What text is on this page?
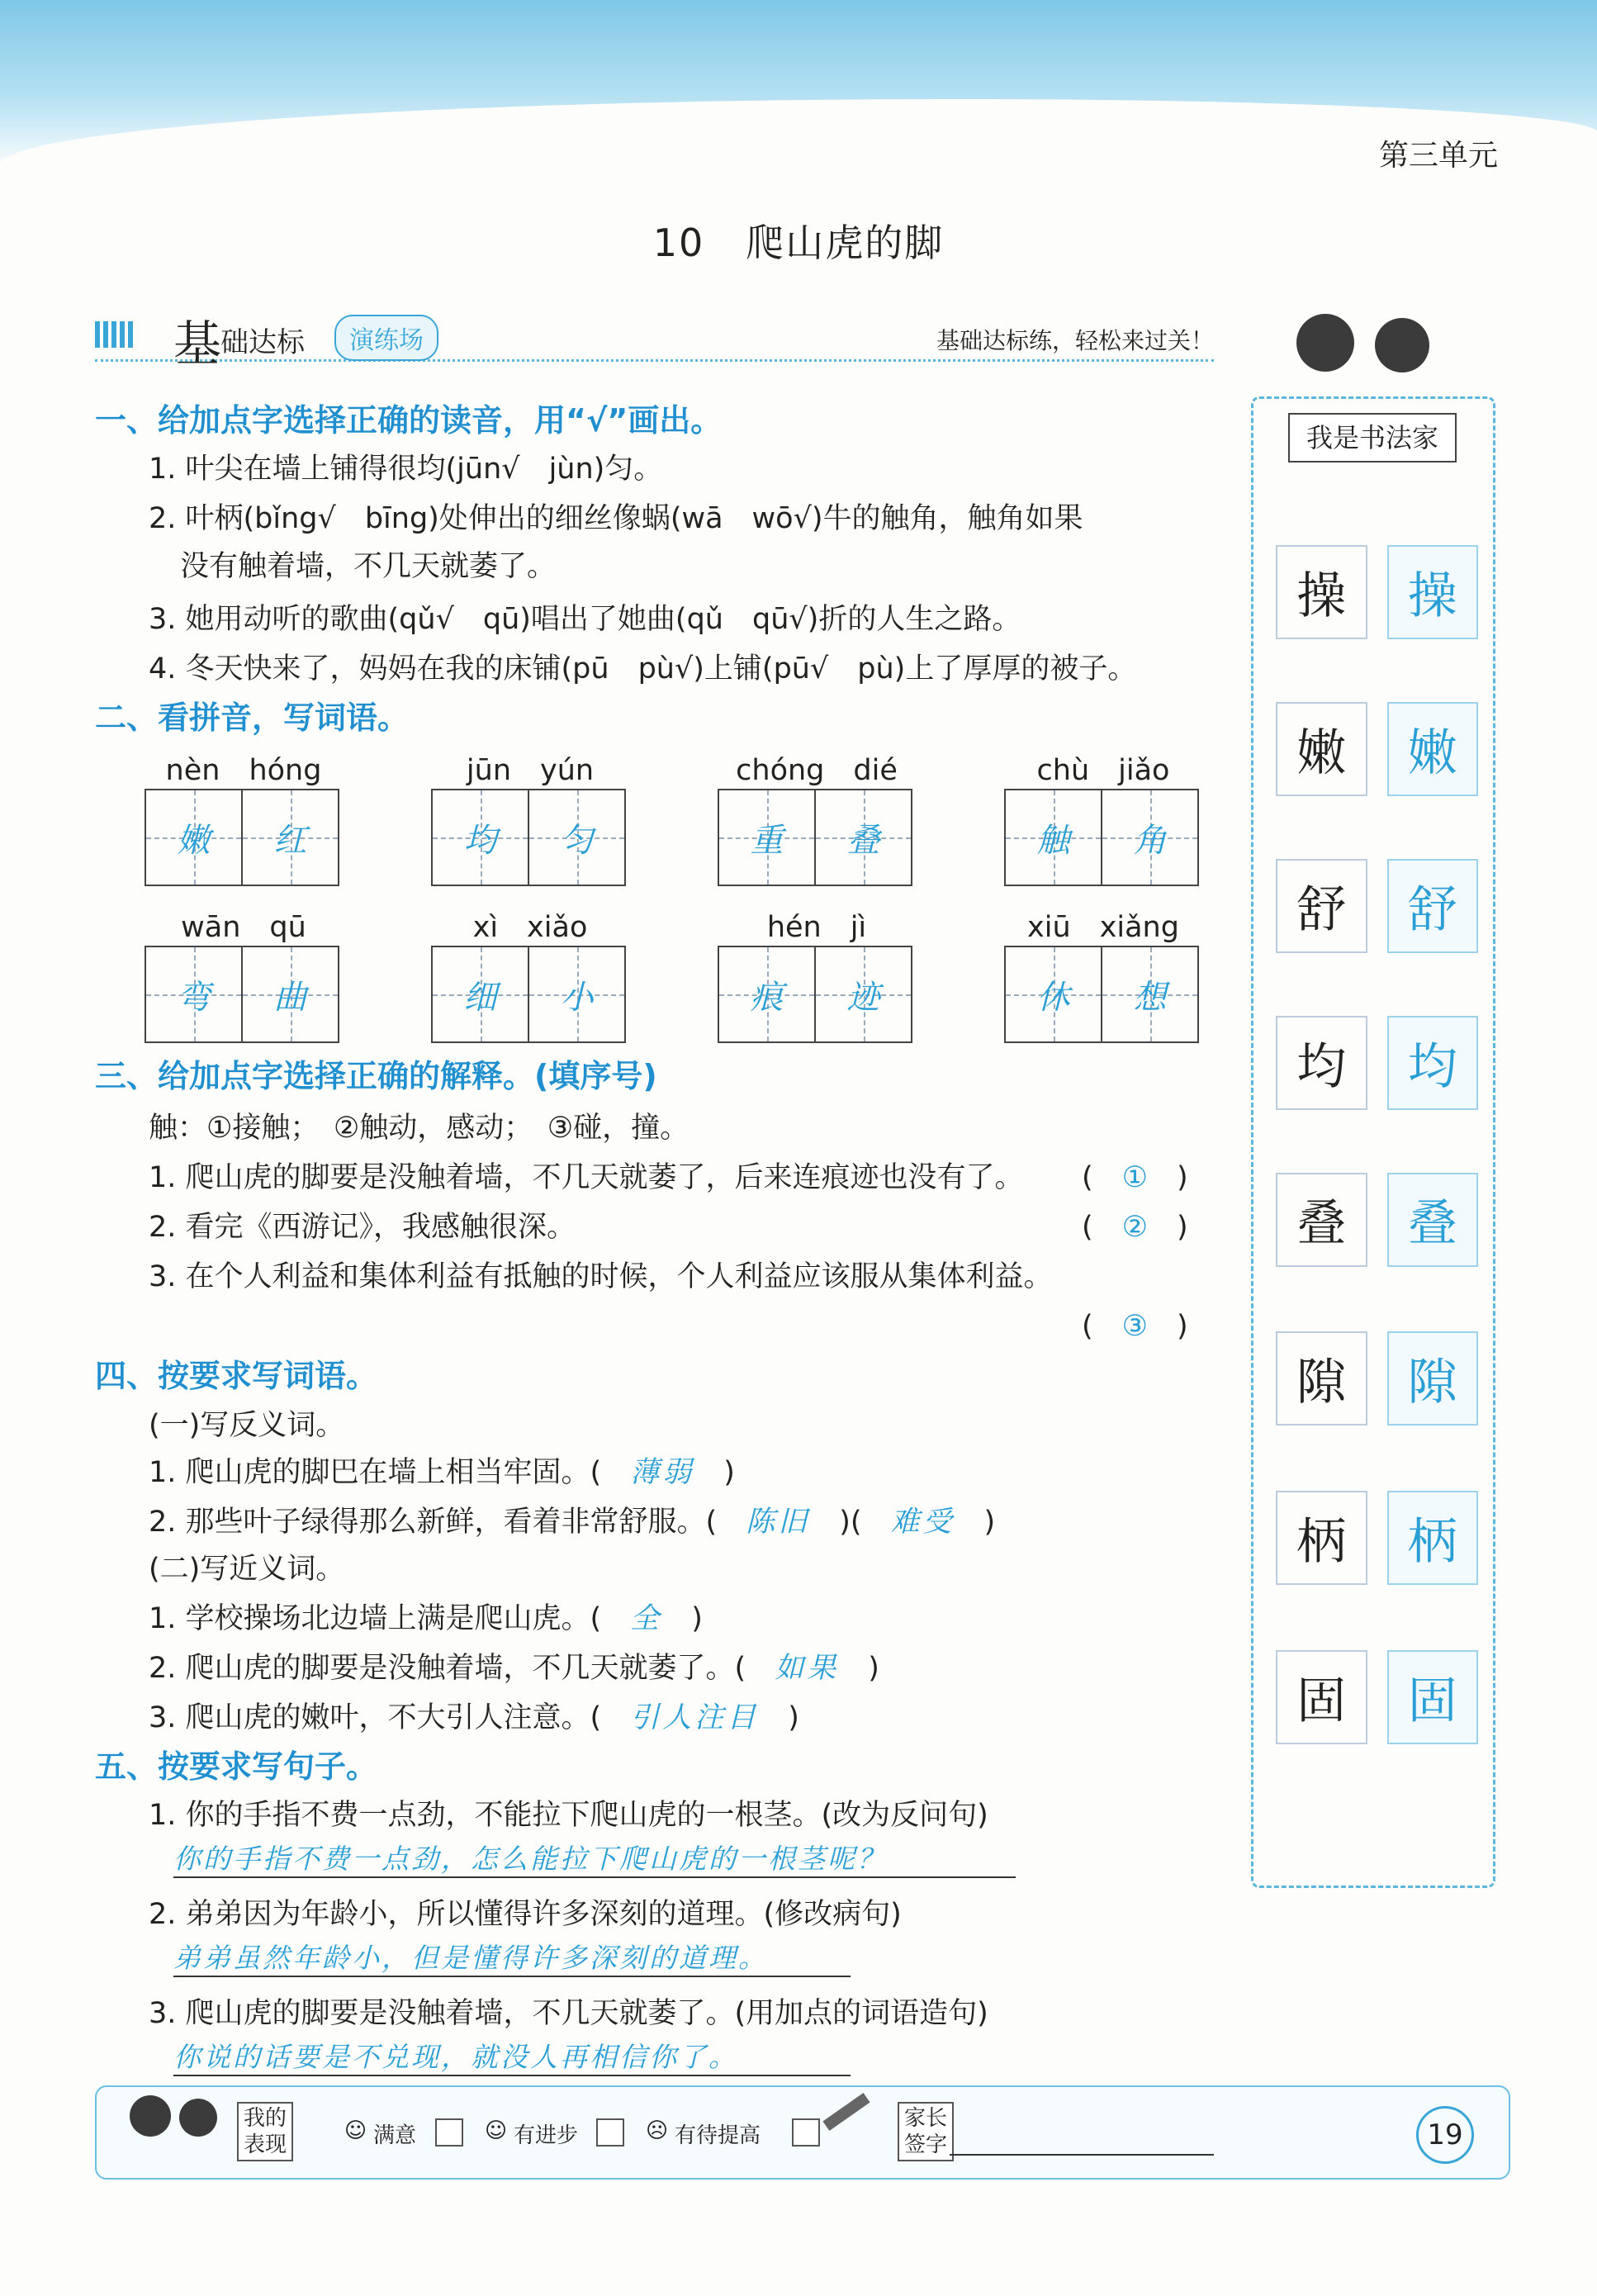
第三单元
10 爬山虎的脚
基
础达标	演练场	基础达标练，轻松来过关！
一、给加点字选择正确的读音，用“√”画出。
1. 叶尖在墙上铺得很均(jūn√　jùn)匀。
2. 叶柄(bǐng√　bīng)处伸出的细丝像蜗(wā　wō√)牛的触角，触角如果
没有触着墙，不几天就萎了。
3. 她用动听的歌曲(qǔ√　qū)唱出了她曲(qǔ　qū√)折的人生之路。
4. 冬天快来了，妈妈在我的床铺(pū　pù√)上铺(pū√　pù)上了厚厚的被子。
二、看拼音，写词语。
nèn　hóng
嫩 红
jūn　yún
均 匀
chóng　dié
重 叠
chù　jiǎo
触 角
wān　qū
弯 曲
xì　xiǎo
细 小
hén　jì
痕 迹
xiū　xiǎng
休 想
三、给加点字选择正确的解释。(填序号)
触：①接触；　②触动，感动；　③碰，撞。
1. 爬山虎的脚要是没触着墙，不几天就萎了，后来连痕迹也没有了。 (　①　)
2. 看完《西游记》，我感触很深。	(　②　)
3. 在个人利益和集体利益有抵触的时候，个人利益应该服从集体利益。
(　③　)
四、按要求写词语。
(一)写反义词。
1. 爬山虎的脚巴在墙上相当牢固。(　 薄弱　)
2. 那些叶子绿得那么新鲜，看着非常舒服。(　 陈旧　)(　难受　)
(二)写近义词。
1. 学校操场北边墙上满是爬山虎。(　 全　)
2. 爬山虎的脚要是没触着墙，不几天就萎了。(　 如果　)
3. 爬山虎的嫩叶，不大引人注意。(　 引人注目　)
五、按要求写句子。
1. 你的手指不费一点劲，不能拉下爬山虎的一根茎。(改为反问句)
你的手指不费一点劲，怎么能拉下爬山虎的一根茎呢？
2. 弟弟因为年龄小，所以懂得许多深刻的道理。(修改病句)
弟弟虽然年龄小，但是懂得许多深刻的道理。
3. 爬山虎的脚要是没触着墙，不几天就萎了。(用加点的词语造句)
你说的话要是不兑现，就没人再相信你了。
我是书法家
操	操
嫩	嫩
舒	舒
均	均
叠	叠
隙	隙
柄	柄
固	固
我的
表现
☺ 满意	☺ 有进步	☹ 有待提高
家长
签字	19
